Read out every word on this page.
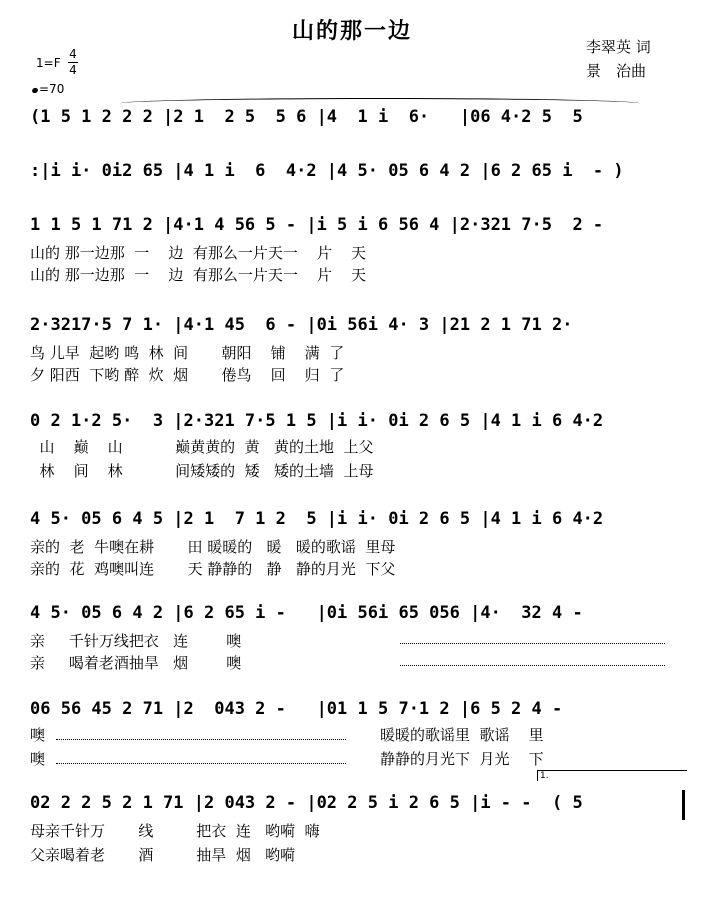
山的那一边
李翠英 词
景　治曲
1=F
4
4
=70
(1 5 1 2 2 2 |2 1  2 5  5 6 |4  1 i  6·   |06 4·2 5  5
:|i i· 0i2 65 |4 1 i  6  4·2 |4 5· 05 6 4 2 |6 2 65 i  - )
1 1 5 1 71 2 |4·1 4 56 5 - |i 5 i 6 56 4 |2·321 7·5  2 -
山的 那一边那  一    边  有那么一片天一    片    天
山的 那一边那  一    边  有那么一片天一    片    天
2·3217·5 7 1· |4·1 45  6 - |0i 56i 4· 3 |21 2 1 71 2·
鸟 儿早  起哟 鸣  林  间       朝阳    铺    满  了
夕 阳西  下哟 醉  炊  烟       倦鸟    回    归  了
0 2 1·2 5·  3 |2·321 7·5 1 5 |i i· 0i 2 6 5 |4 1 i 6 4·2
山    巅    山           巅黄黄的  黄   黄的土地  上父
林    间    林           间矮矮的  矮   矮的土墙  上母
4 5· 05 6 4 5 |2 1  7 1 2  5 |i i· 0i 2 6 5 |4 1 i 6 4·2
亲的  老  牛噢在耕       田 暖暖的   暖   暖的歌谣  里母
亲的  花  鸡噢叫连       天 静静的   静   静的月光  下父
4 5· 05 6 4 2 |6 2 65 i -   |0i 56i 65 056 |4·  32 4 -
亲     千针万线把衣   连        噢
亲     喝着老酒抽旱   烟        噢
06 56 45 2 71 |2  043 2 -   |01 1 5 7·1 2 |6 5 2 4 -
噢
噢
暖暖的歌谣里  歌谣    里
静静的月光下  月光    下
1.
02 2 2 5 2 1 71 |2 043 2 - |02 2 5 i 2 6 5 |i - -  ( 5
母亲千针万       线         把衣  连   哟嗬  嗨
父亲喝着老       酒         抽旱  烟   哟嗬
